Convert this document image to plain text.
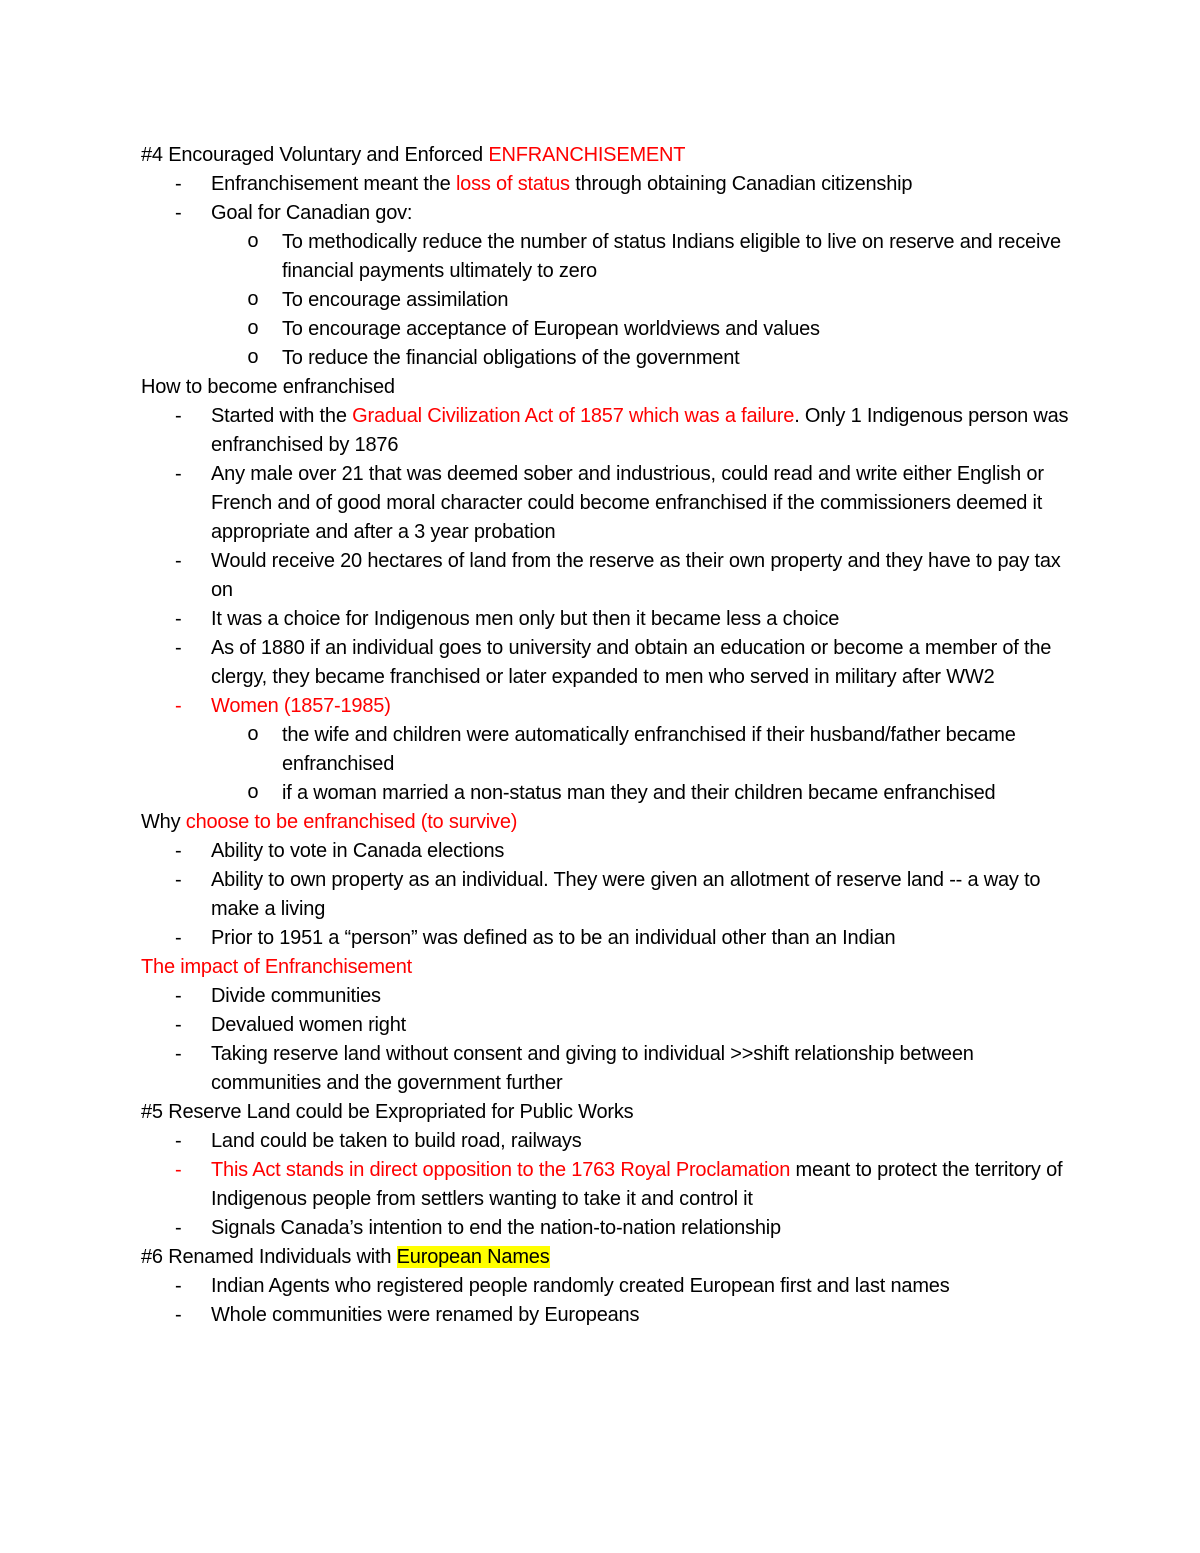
#4 Encouraged Voluntary and Enforced ENFRANCHISEMENT

- Enfranchisement meant the loss of status through obtaining Canadian citizenship

- Goal for Canadian gov:

o To methodically reduce the number of status Indians eligible to live on reserve and receive financial payments ultimately to zero

o To encourage assimilation

o To encourage acceptance of European worldviews and values

o To reduce the financial obligations of the government

How to become enfranchised

- Started with the Gradual Civilization Act of 1857 which was a failure. Only 1 Indigenous person was enfranchised by 1876

- Any male over 21 that was deemed sober and industrious, could read and write either English or French and of good moral character could become enfranchised if the commissioners deemed it appropriate and after a 3 year probation

- Would receive 20 hectares of land from the reserve as their own property and they have to pay tax on

- It was a choice for Indigenous men only but then it became less a choice

- As of 1880 if an individual goes to university and obtain an education or become a member of the clergy, they became franchised or later expanded to men who served in military after WW2

- Women (1857-1985)

o the wife and children were automatically enfranchised if their husband/father became enfranchised

o if a woman married a non-status man they and their children became enfranchised

Why choose to be enfranchised (to survive)

- Ability to vote in Canada elections

- Ability to own property as an individual. They were given an allotment of reserve land -- a way to make a living

- Prior to 1951 a “person” was defined as to be an individual other than an Indian

The impact of Enfranchisement

- Divide communities

- Devalued women right

- Taking reserve land without consent and giving to individual >>shift relationship between communities and the government further

#5 Reserve Land could be Expropriated for Public Works

- Land could be taken to build road, railways

- This Act stands in direct opposition to the 1763 Royal Proclamation meant to protect the territory of Indigenous people from settlers wanting to take it and control it

- Signals Canada’s intention to end the nation-to-nation relationship

#6 Renamed Individuals with European Names

- Indian Agents who registered people randomly created European first and last names

- Whole communities were renamed by Europeans
